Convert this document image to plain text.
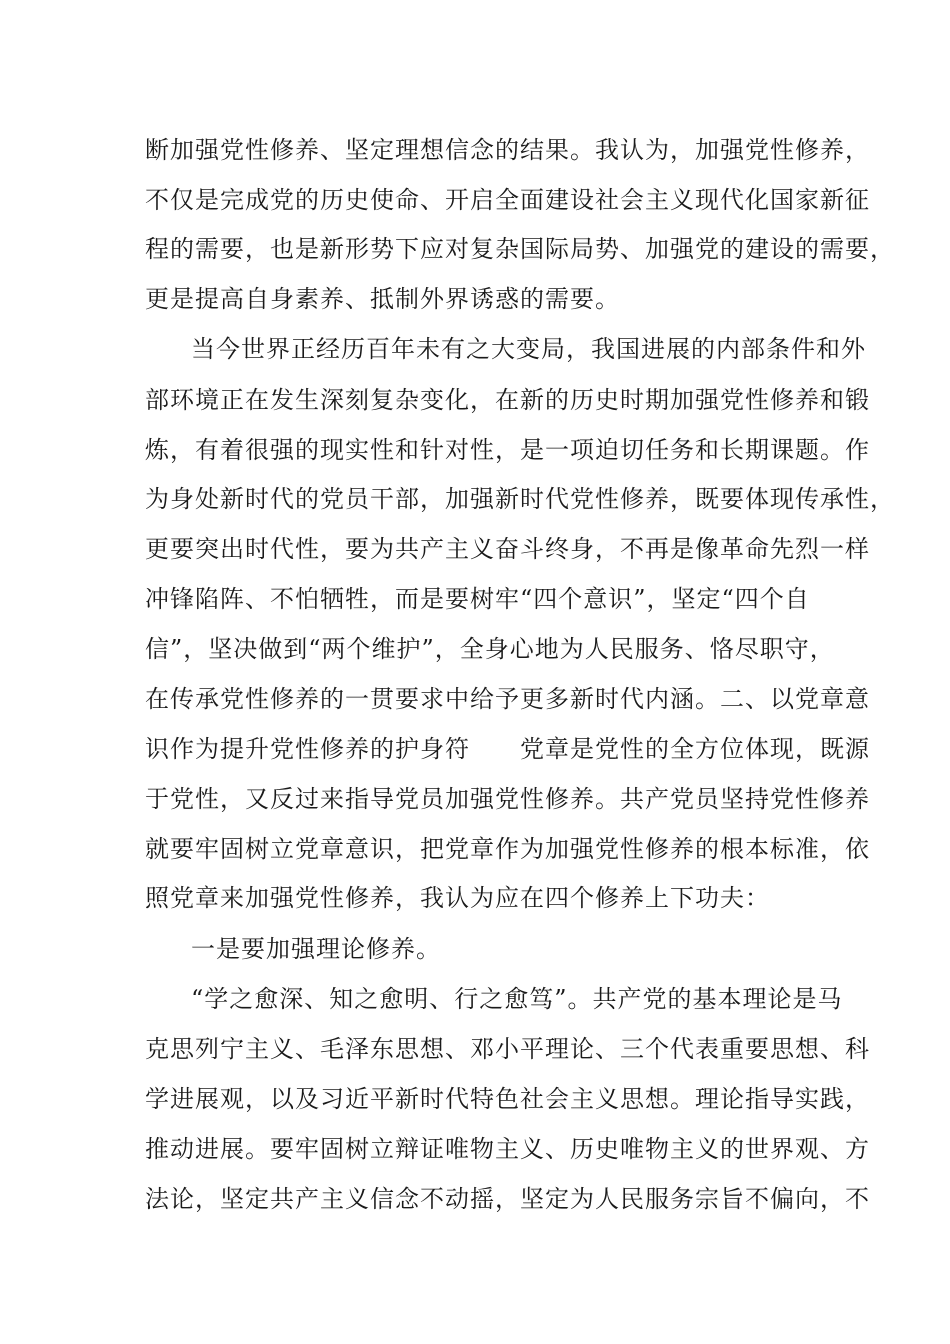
断加强党性修养、坚定理想信念的结果。我认为，加强党性修养，
不仅是完成党的历史使命、开启全面建设社会主义现代化国家新征
程的需要，也是新形势下应对复杂国际局势、加强党的建设的需要，
更是提高自身素养、抵制外界诱惑的需要。
当今世界正经历百年未有之大变局，我国进展的内部条件和外
部环境正在发生深刻复杂变化，在新的历史时期加强党性修养和锻
炼，有着很强的现实性和针对性，是一项迫切任务和长期课题。作
为身处新时代的党员干部，加强新时代党性修养，既要体现传承性，
更要突出时代性，要为共产主义奋斗终身，不再是像革命先烈一样
冲锋陷阵、不怕牺牲，而是要树牢“四个意识”，坚定“四个自
信”，坚决做到“两个维护”，全身心地为人民服务、恪尽职守，
在传承党性修养的一贯要求中给予更多新时代内涵。二、以党章意
识作为提升党性修养的护身符　　党章是党性的全方位体现，既源
于党性，又反过来指导党员加强党性修养。共产党员坚持党性修养
就要牢固树立党章意识，把党章作为加强党性修养的根本标准，依
照党章来加强党性修养，我认为应在四个修养上下功夫：
一是要加强理论修养。
“学之愈深、知之愈明、行之愈笃”。共产党的基本理论是马
克思列宁主义、毛泽东思想、邓小平理论、三个代表重要思想、科
学进展观，以及习近平新时代特色社会主义思想。理论指导实践，
推动进展。要牢固树立辩证唯物主义、历史唯物主义的世界观、方
法论，坚定共产主义信念不动摇，坚定为人民服务宗旨不偏向，不
